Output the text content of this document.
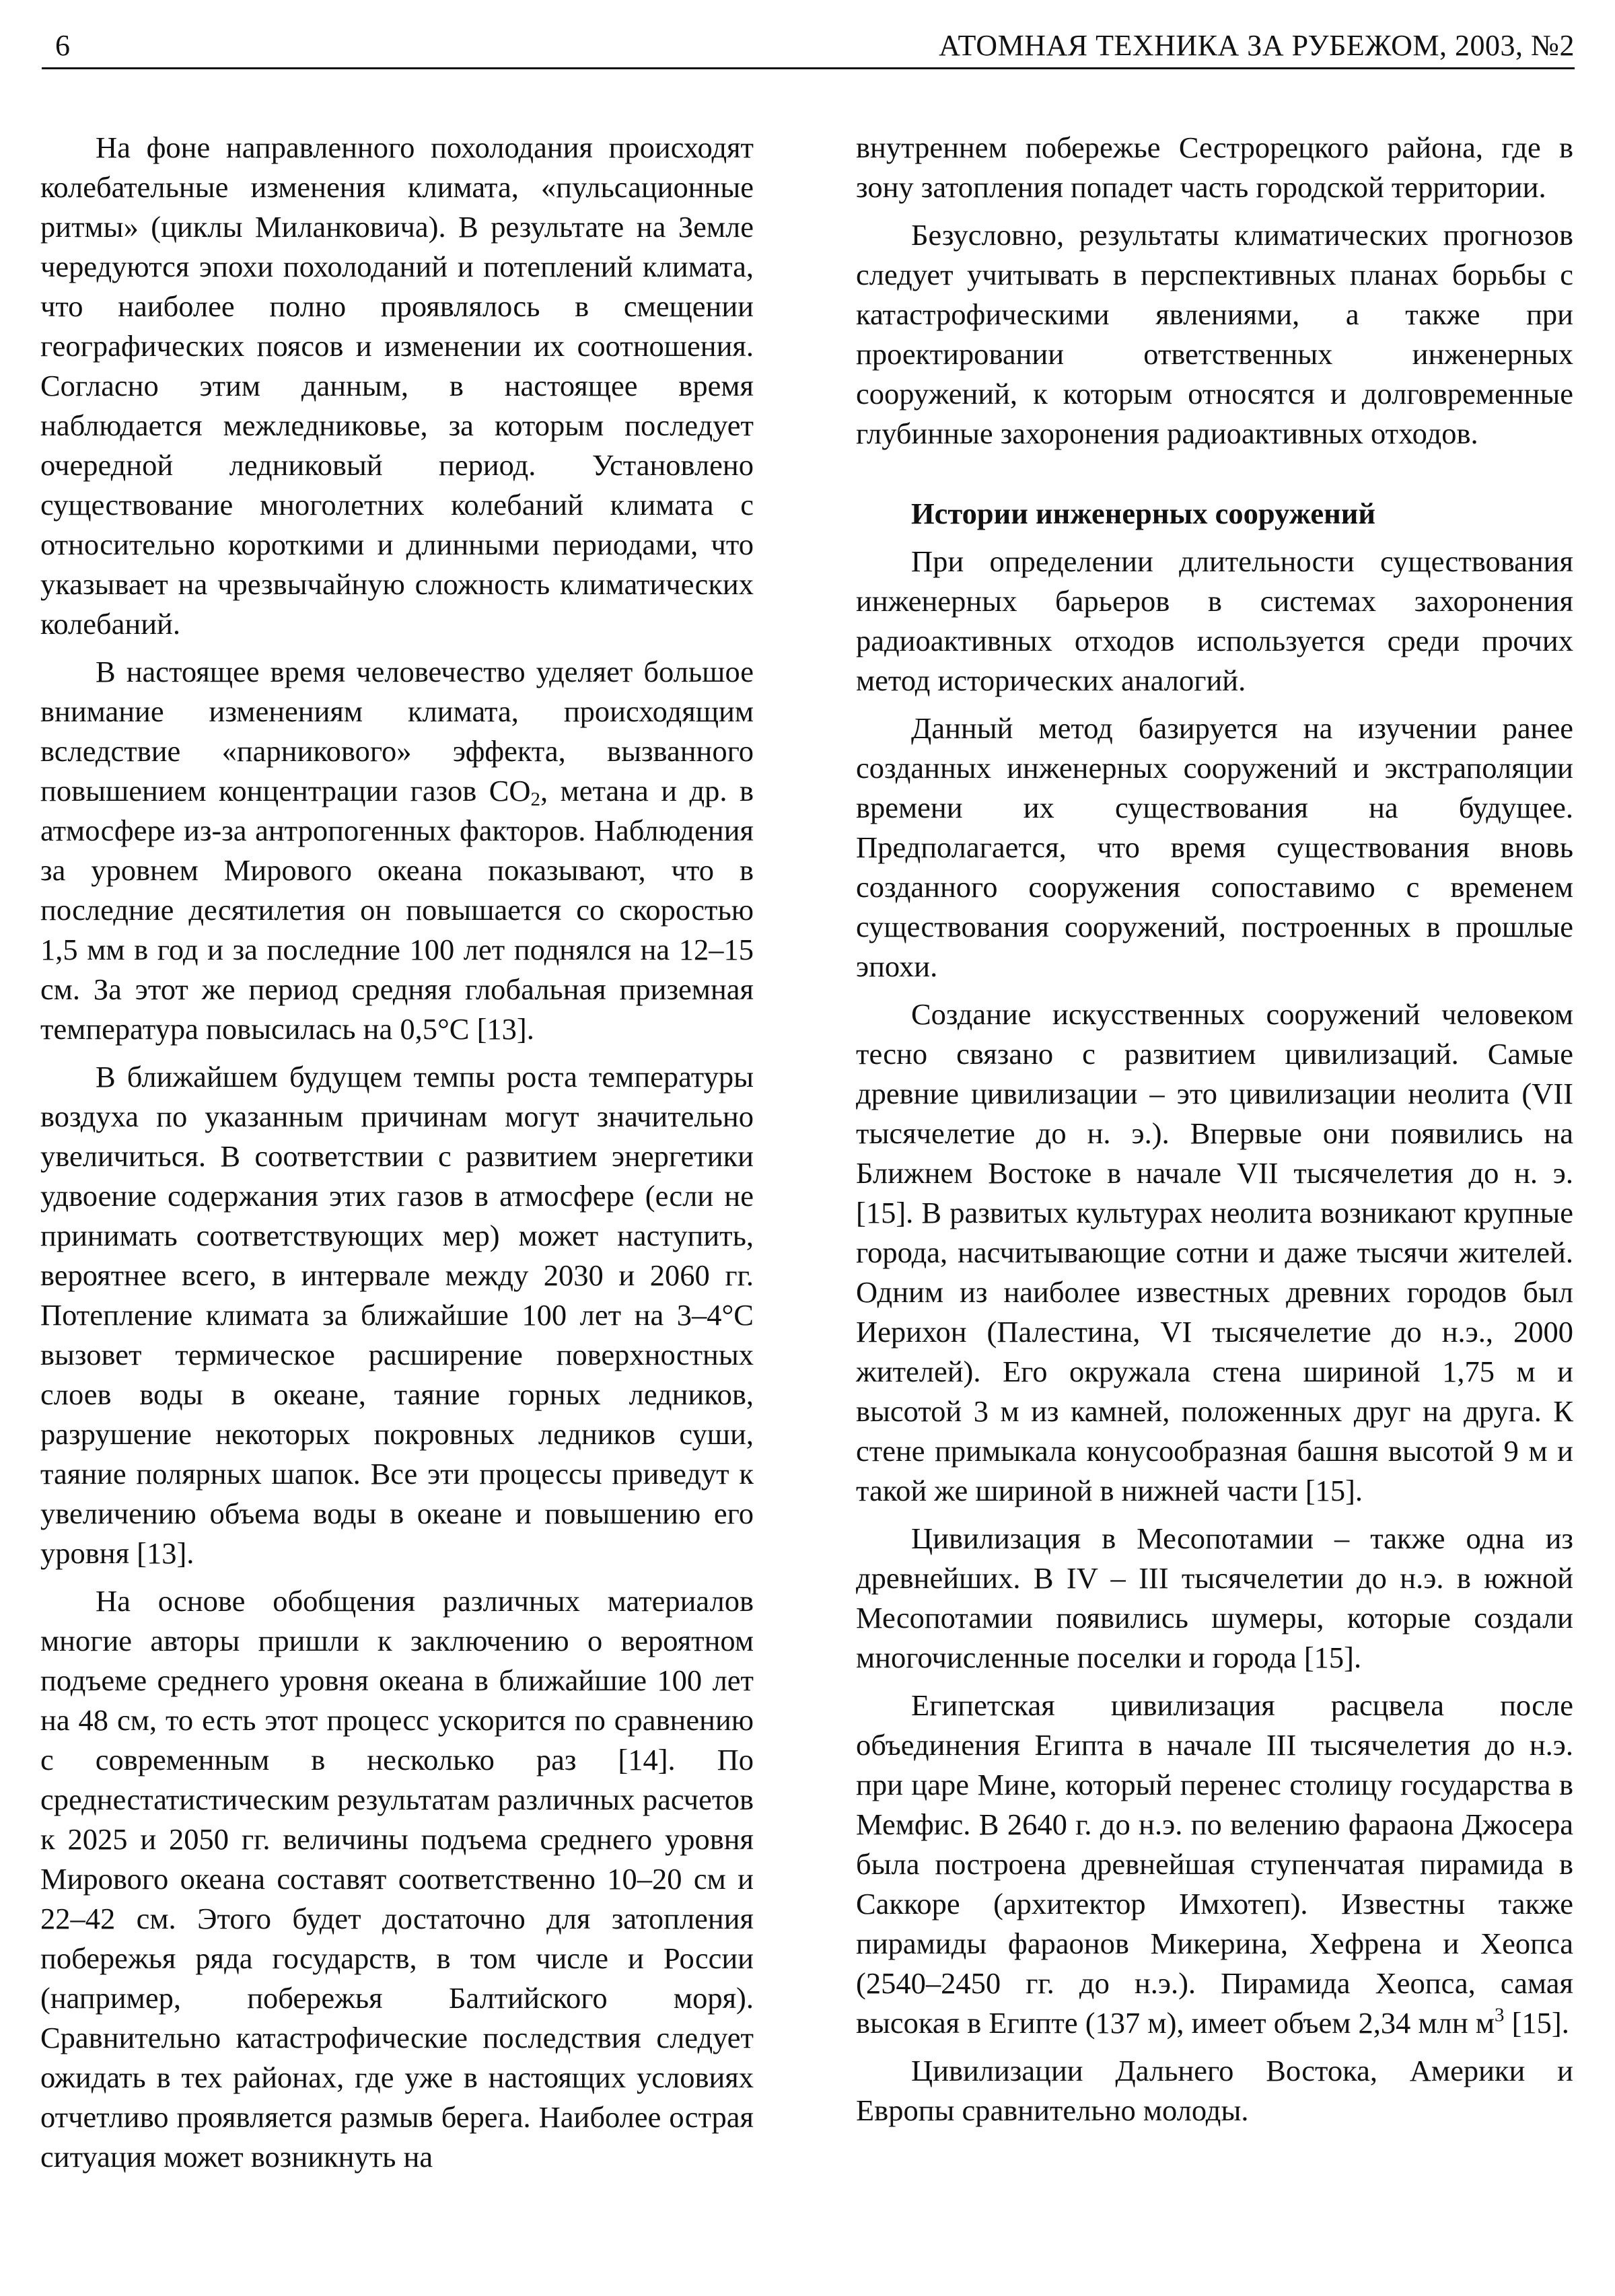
6	АТОМНАЯ ТЕХНИКА ЗА РУБЕЖОМ, 2003, №2

На фоне направленного похолодания происходят колебательные изменения климата, «пульсационные ритмы» (циклы Миланковича). В результате на Земле чередуются эпохи похолоданий и потеплений климата, что наиболее полно проявлялось в смещении географических поясов и изменении их соотношения. Согласно этим данным, в настоящее время наблюдается межледниковье, за которым последует очередной ледниковый период. Установлено существование многолетних колебаний климата с относительно короткими и длинными периодами, что указывает на чрезвычайную сложность климатических колебаний.

В настоящее время человечество уделяет большое внимание изменениям климата, происходящим вследствие «парникового» эффекта, вызванного повышением концентрации газов $CO_2$, метана и др. в атмосфере из-за антропогенных факторов. Наблюдения за уровнем Мирового океана показывают, что в последние десятилетия он повышается со скоростью 1,5 мм в год и за последние 100 лет поднялся на 12–15 см. За этот же период средняя глобальная приземная температура повысилась на 0,5°С [13].

В ближайшем будущем темпы роста температуры воздуха по указанным причинам могут значительно увеличиться. В соответствии с развитием энергетики удвоение содержания этих газов в атмосфере (если не принимать соответствующих мер) может наступить, вероятнее всего, в интервале между 2030 и 2060 гг. Потепление климата за ближайшие 100 лет на 3–4°С вызовет термическое расширение поверхностных слоев воды в океане, таяние горных ледников, разрушение некоторых покровных ледников суши, таяние полярных шапок. Все эти процессы приведут к увеличению объема воды в океане и повышению его уровня [13].

На основе обобщения различных материалов многие авторы пришли к заключению о вероятном подъеме среднего уровня океана в ближайшие 100 лет на 48 см, то есть этот процесс ускорится по сравнению с современным в несколько раз [14]. По среднестатистическим результатам различных расчетов к 2025 и 2050 гг. величины подъема среднего уровня Мирового океана составят соответственно 10–20 см и 22–42 см. Этого будет достаточно для затопления побережья ряда государств, в том числе и России (например, побережья Балтийского моря). Сравнительно катастрофические последствия следует ожидать в тех районах, где уже в настоящих условиях отчетливо проявляется размыв берега. Наиболее острая ситуация может возникнуть на

внутреннем побережье Сестрорецкого района, где в зону затопления попадет часть городской территории.

Безусловно, результаты климатических прогнозов следует учитывать в перспективных планах борьбы с катастрофическими явлениями, а также при проектировании ответственных инженерных сооружений, к которым относятся и долговременные глубинные захоронения радиоактивных отходов.

Истории инженерных сооружений

При определении длительности существования инженерных барьеров в системах захоронения радиоактивных отходов используется среди прочих метод исторических аналогий.

Данный метод базируется на изучении ранее созданных инженерных сооружений и экстраполяции времени их существования на будущее. Предполагается, что время существования вновь созданного сооружения сопоставимо с временем существования сооружений, построенных в прошлые эпохи.

Создание искусственных сооружений человеком тесно связано с развитием цивилизаций. Самые древние цивилизации – это цивилизации неолита (VII тысячелетие до н. э.). Впервые они появились на Ближнем Востоке в начале VII тысячелетия до н. э. [15]. В развитых культурах неолита возникают крупные города, насчитывающие сотни и даже тысячи жителей. Одним из наиболее известных древних городов был Иерихон (Палестина, VI тысячелетие до н.э., 2000 жителей). Его окружала стена шириной 1,75 м и высотой 3 м из камней, положенных друг на друга. К стене примыкала конусообразная башня высотой 9 м и такой же шириной в нижней части [15].

Цивилизация в Месопотамии – также одна из древнейших. В IV – III тысячелетии до н.э. в южной Месопотамии появились шумеры, которые создали многочисленные поселки и города [15].

Египетская цивилизация расцвела после объединения Египта в начале III тысячелетия до н.э. при царе Мине, который перенес столицу государства в Мемфис. В 2640 г. до н.э. по велению фараона Джосера была построена древнейшая ступенчатая пирамида в Саккоре (архитектор Имхотеп). Известны также пирамиды фараонов Микерина, Хефрена и Хеопса (2540–2450 гг. до н.э.). Пирамида Хеопса, самая высокая в Египте (137 м), имеет объем 2,34 млн $м^3$ [15].

Цивилизации Дальнего Востока, Америки и Европы сравнительно молоды.
